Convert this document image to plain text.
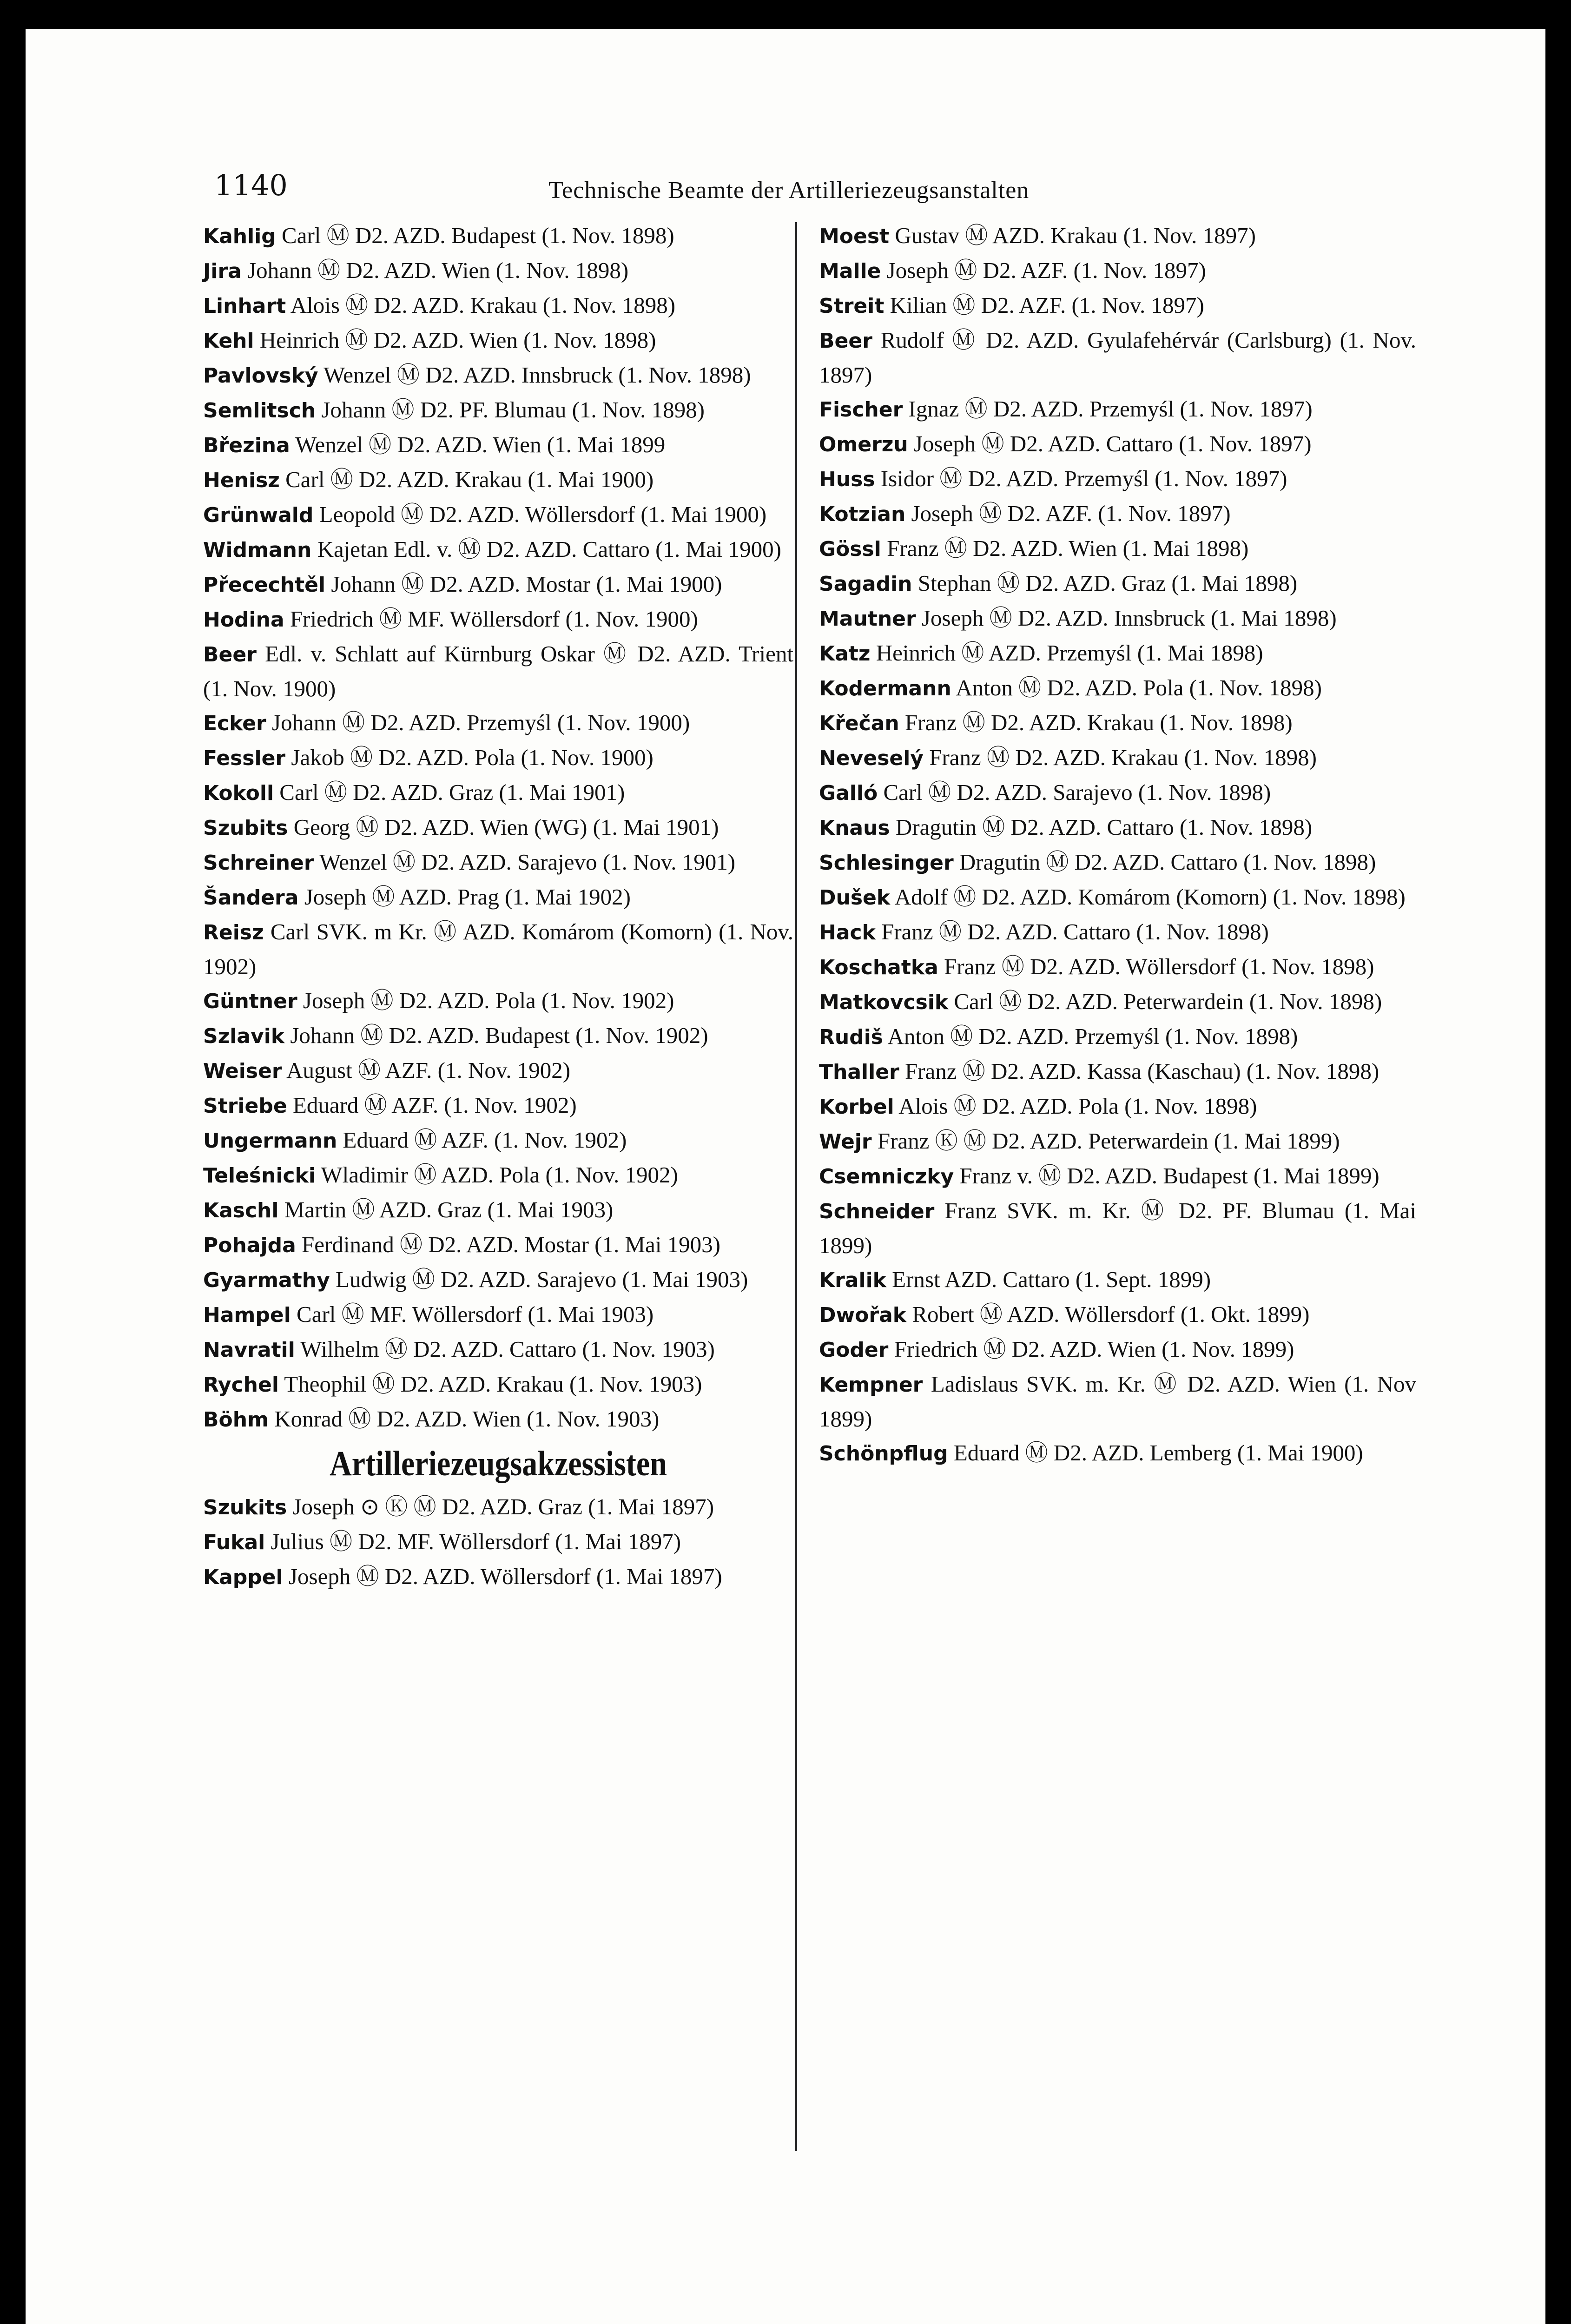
1140	Technische Beamte der Artilleriezeugsanstalten

Kahlig Carl Ⓜ D2. AZD. Budapest (1. Nov. 1898)

Jira Johann Ⓜ D2. AZD. Wien (1. Nov. 1898)

Linhart Alois Ⓜ D2. AZD. Krakau (1. Nov. 1898)

Kehl Heinrich Ⓜ D2. AZD. Wien (1. Nov. 1898)

Pavlovský Wenzel Ⓜ D2. AZD. Innsbruck (1. Nov. 1898)

Semlitsch Johann Ⓜ D2. PF. Blumau (1. Nov. 1898)

Březina Wenzel Ⓜ D2. AZD. Wien (1. Mai 1899

Henisz Carl Ⓜ D2. AZD. Krakau (1. Mai 1900)

Grünwald Leopold Ⓜ D2. AZD. Wöllersdorf (1. Mai 1900)

Widmann Kajetan Edl. v. Ⓜ D2. AZD. Cattaro (1. Mai 1900)

Přecechtěl Johann Ⓜ D2. AZD. Mostar (1. Mai 1900)

Hodina Friedrich Ⓜ MF. Wöllersdorf (1. Nov. 1900)

Beer Edl. v. Schlatt auf Kürnburg Oskar Ⓜ D2. AZD. Trient (1. Nov. 1900)

Ecker Johann Ⓜ D2. AZD. Przemyśl (1. Nov. 1900)

Fessler Jakob Ⓜ D2. AZD. Pola (1. Nov. 1900)

Kokoll Carl Ⓜ D2. AZD. Graz (1. Mai 1901)

Szubits Georg Ⓜ D2. AZD. Wien (WG) (1. Mai 1901)

Schreiner Wenzel Ⓜ D2. AZD. Sarajevo (1. Nov. 1901)

Šandera Joseph Ⓜ AZD. Prag (1. Mai 1902)

Reisz Carl SVK. m Kr. Ⓜ AZD. Komárom (Komorn) (1. Nov. 1902)

Güntner Joseph Ⓜ D2. AZD. Pola (1. Nov. 1902)

Szlavik Johann Ⓜ D2. AZD. Budapest (1. Nov. 1902)

Weiser August Ⓜ AZF. (1. Nov. 1902)

Striebe Eduard Ⓜ AZF. (1. Nov. 1902)

Ungermann Eduard Ⓜ AZF. (1. Nov. 1902)

Teleśnicki Wladimir Ⓜ AZD. Pola (1. Nov. 1902)

Kaschl Martin Ⓜ AZD. Graz (1. Mai 1903)

Pohajda Ferdinand Ⓜ D2. AZD. Mostar (1. Mai 1903)

Gyarmathy Ludwig Ⓜ D2. AZD. Sarajevo (1. Mai 1903)

Hampel Carl Ⓜ MF. Wöllersdorf (1. Mai 1903)

Navratil Wilhelm Ⓜ D2. AZD. Cattaro (1. Nov. 1903)

Rychel Theophil Ⓜ D2. AZD. Krakau (1. Nov. 1903)

Böhm Konrad Ⓜ D2. AZD. Wien (1. Nov. 1903)

Artilleriezeugsakzessisten

Szukits Joseph ⊙ Ⓚ Ⓜ D2. AZD. Graz (1. Mai 1897)

Fukal Julius Ⓜ D2. MF. Wöllersdorf (1. Mai 1897)

Kappel Joseph Ⓜ D2. AZD. Wöllersdorf (1. Mai 1897)

Moest Gustav Ⓜ AZD. Krakau (1. Nov. 1897)

Malle Joseph Ⓜ D2. AZF. (1. Nov. 1897)

Streit Kilian Ⓜ D2. AZF. (1. Nov. 1897)

Beer Rudolf Ⓜ D2. AZD. Gyulafehérvár (Carlsburg) (1. Nov. 1897)

Fischer Ignaz Ⓜ D2. AZD. Przemyśl (1. Nov. 1897)

Omerzu Joseph Ⓜ D2. AZD. Cattaro (1. Nov. 1897)

Huss Isidor Ⓜ D2. AZD. Przemyśl (1. Nov. 1897)

Kotzian Joseph Ⓜ D2. AZF. (1. Nov. 1897)

Gössl Franz Ⓜ D2. AZD. Wien (1. Mai 1898)

Sagadin Stephan Ⓜ D2. AZD. Graz (1. Mai 1898)

Mautner Joseph Ⓜ D2. AZD. Innsbruck (1. Mai 1898)

Katz Heinrich Ⓜ AZD. Przemyśl (1. Mai 1898)

Kodermann Anton Ⓜ D2. AZD. Pola (1. Nov. 1898)

Křečan Franz Ⓜ D2. AZD. Krakau (1. Nov. 1898)

Neveselý Franz Ⓜ D2. AZD. Krakau (1. Nov. 1898)

Galló Carl Ⓜ D2. AZD. Sarajevo (1. Nov. 1898)

Knaus Dragutin Ⓜ D2. AZD. Cattaro (1. Nov. 1898)

Schlesinger Dragutin Ⓜ D2. AZD. Cattaro (1. Nov. 1898)

Dušek Adolf Ⓜ D2. AZD. Komárom (Komorn) (1. Nov. 1898)

Hack Franz Ⓜ D2. AZD. Cattaro (1. Nov. 1898)

Koschatka Franz Ⓜ D2. AZD. Wöllersdorf (1. Nov. 1898)

Matkovcsik Carl Ⓜ D2. AZD. Peterwardein (1. Nov. 1898)

Rudiš Anton Ⓜ D2. AZD. Przemyśl (1. Nov. 1898)

Thaller Franz Ⓜ D2. AZD. Kassa (Kaschau) (1. Nov. 1898)

Korbel Alois Ⓜ D2. AZD. Pola (1. Nov. 1898)

Wejr Franz Ⓚ Ⓜ D2. AZD. Peterwardein (1. Mai 1899)

Csemniczky Franz v. Ⓜ D2. AZD. Budapest (1. Mai 1899)

Schneider Franz SVK. m. Kr. Ⓜ D2. PF. Blumau (1. Mai 1899)

Kralik Ernst AZD. Cattaro (1. Sept. 1899)

Dwořak Robert Ⓜ AZD. Wöllersdorf (1. Okt. 1899)

Goder Friedrich Ⓜ D2. AZD. Wien (1. Nov. 1899)

Kempner Ladislaus SVK. m. Kr. Ⓜ D2. AZD. Wien (1. Nov 1899)

Schönpflug Eduard Ⓜ D2. AZD. Lemberg (1. Mai 1900)
